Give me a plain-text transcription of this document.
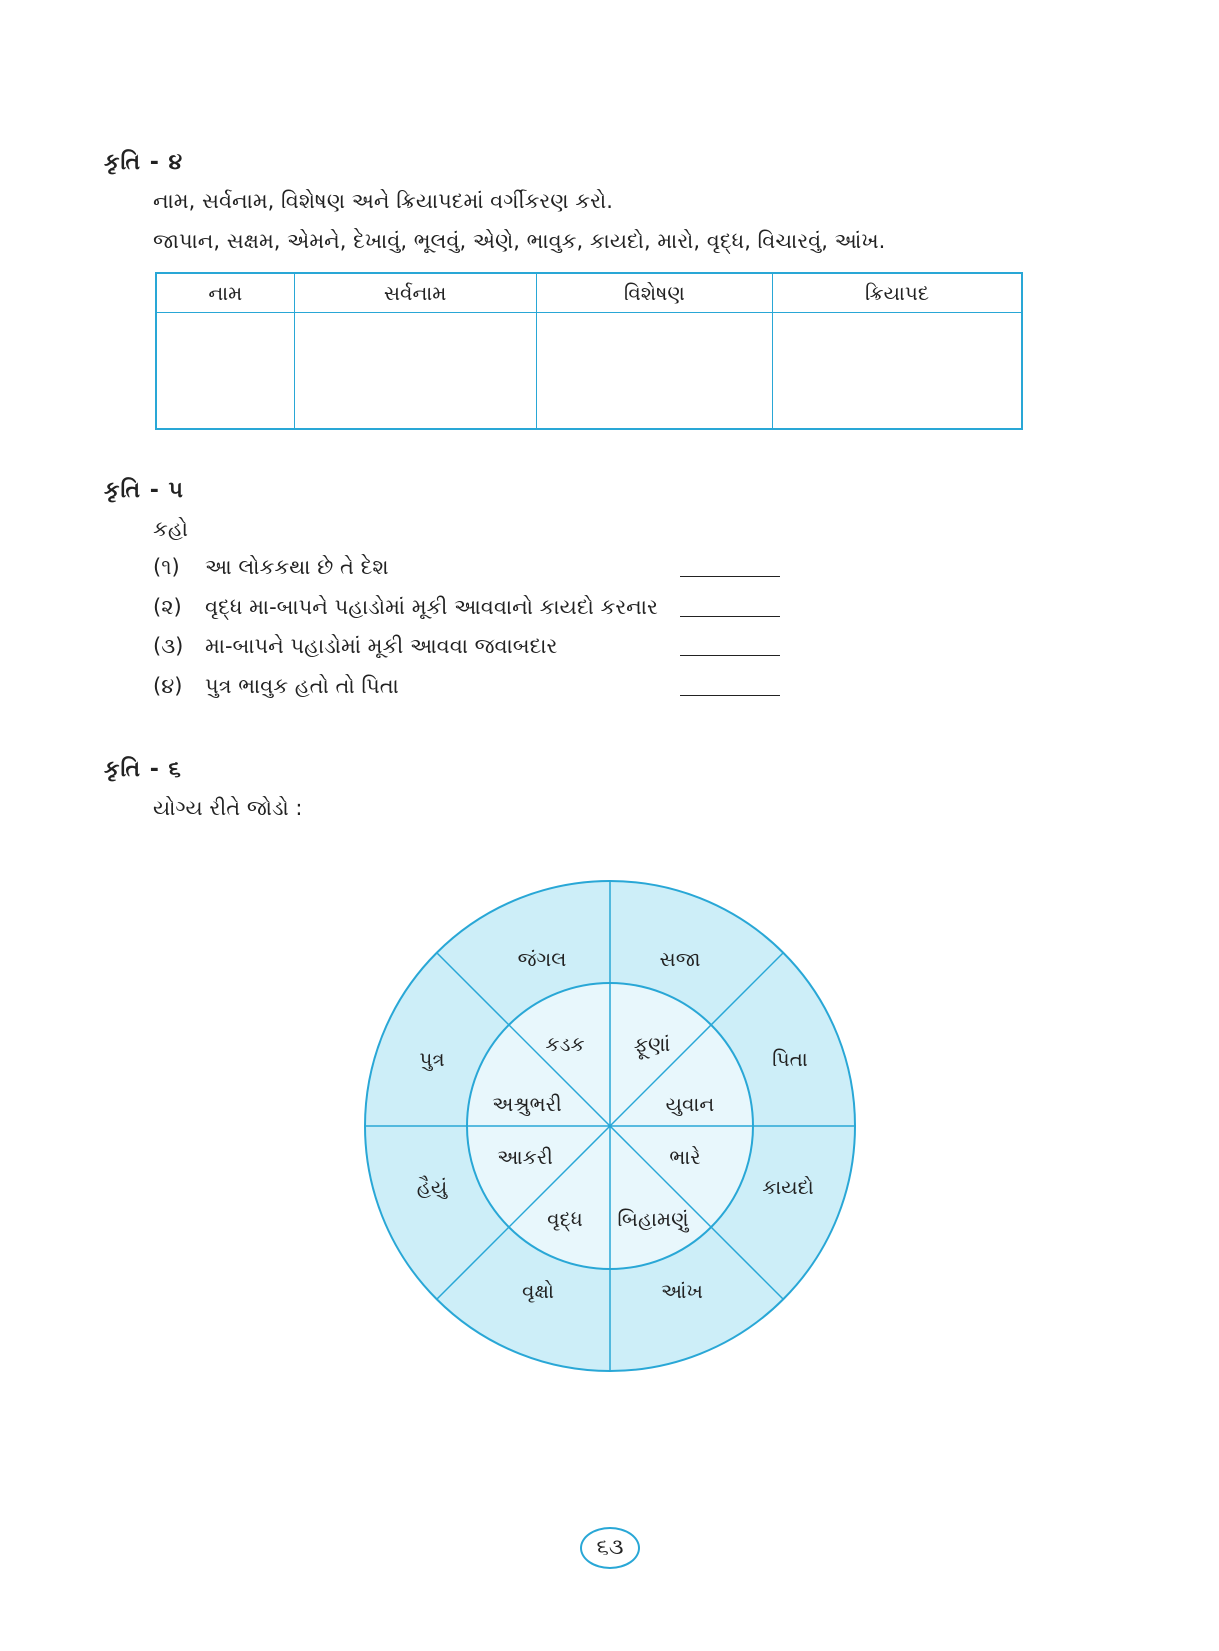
કૃતિ - ૪
નામ, સર્વનામ, વિશેષણ અને ક્રિયાપદમાં વર્ગીકરણ કરો.
જાપાન, સક્ષમ, એમને, દેખાવું, ભૂલવું, એણે, ભાવુક, કાયદો, મારો, વૃદ્ધ, વિચારવું, આંખ.
નામ	સર્વનામ	વિશેષણ	ક્રિયાપદ

કૃતિ - ૫
કહો
(૧) આ લોકકથા છે તે દેશ
(૨) વૃદ્ધ મા-બાપને પહાડોમાં મૂકી આવવાનો કાયદો કરનાર
(૩) મા-બાપને પહાડોમાં મૂકી આવવા જવાબદાર
(૪) પુત્ર ભાવુક હતો તો પિતા
કૃતિ - ૬
યોગ્ય રીતે જોડો :
જંગલ	સજા
પિતા
કાયદો
આંખ
વૃક્ષો
હૈયું
પુત્ર
કડક ફૂણાં
યુવાન
ભારે
બિહામણું
વૃદ્ધ
આકરી
અશ્રુભરી
૬૩
